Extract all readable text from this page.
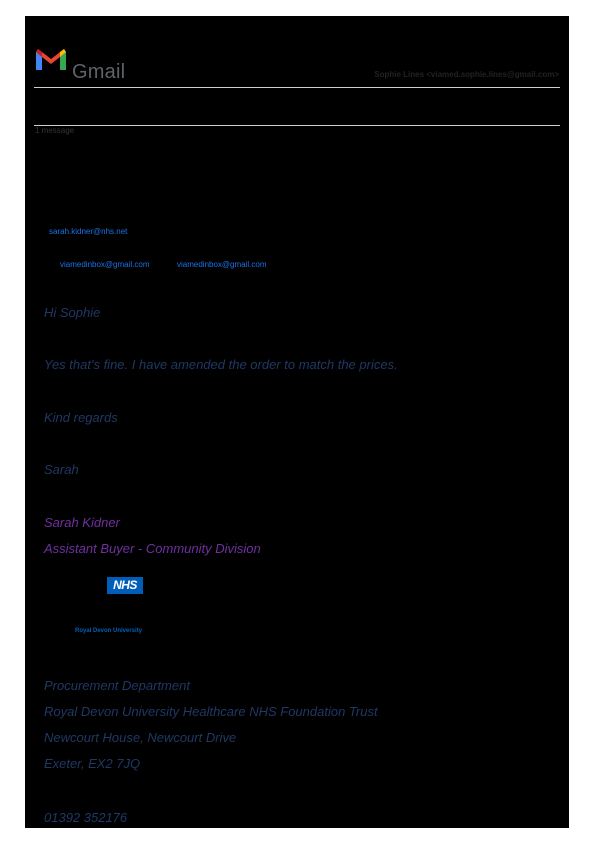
Gmail	Sophie Lines <viamed.sophie.lines@gmail.com>
1 message
sarah.kidner@nhs.net
viamedinbox@gmail.com	viamedinbox@gmail.com
Hi Sophie
Yes that's fine. I have amended the order to match the prices.
Kind regards
Sarah
Sarah Kidner
Assistant Buyer - Community Division
NHS
Royal Devon University
Procurement Department
Royal Devon University Healthcare NHS Foundation Trust
Newcourt House, Newcourt Drive
Exeter, EX2 7JQ
01392 352176
